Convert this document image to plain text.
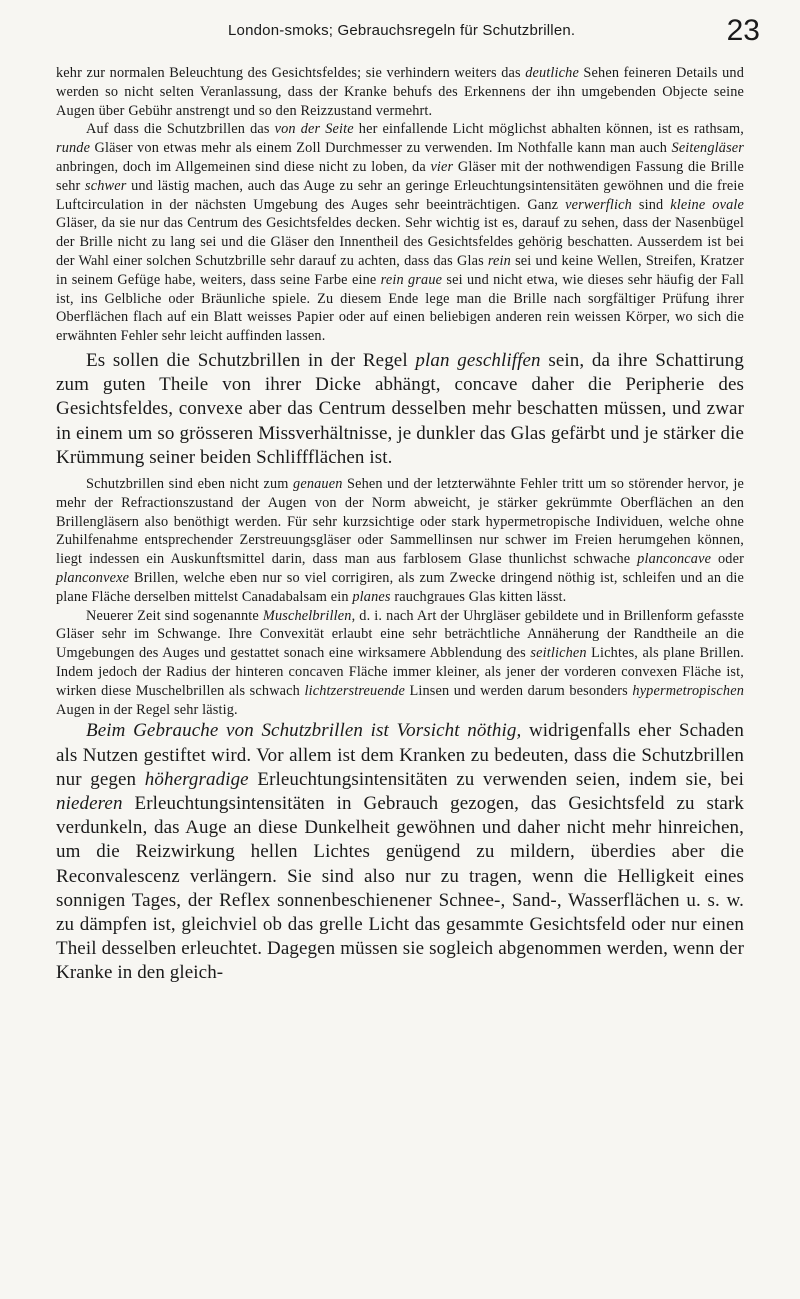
London-smoks; Gebrauchsregeln für Schutzbrillen.	23

kehr zur normalen Beleuchtung des Gesichtsfeldes; sie verhindern weiters das deutliche Sehen feineren Details und werden so nicht selten Veranlassung, dass der Kranke behufs des Erkennens der ihn umgebenden Objecte seine Augen über Gebühr anstrengt und so den Reizzustand vermehrt.

Auf dass die Schutzbrillen das von der Seite her einfallende Licht möglichst abhalten können, ist es rathsam, runde Gläser von etwas mehr als einem Zoll Durchmesser zu verwenden. Im Nothfalle kann man auch Seitengläser anbringen, doch im Allgemeinen sind diese nicht zu loben, da vier Gläser mit der nothwendigen Fassung die Brille sehr schwer und lästig machen, auch das Auge zu sehr an geringe Erleuchtungsintensitäten gewöhnen und die freie Luftcirculation in der nächsten Umgebung des Auges sehr beeinträchtigen. Ganz verwerflich sind kleine ovale Gläser, da sie nur das Centrum des Gesichtsfeldes decken. Sehr wichtig ist es, darauf zu sehen, dass der Nasenbügel der Brille nicht zu lang sei und die Gläser den Innentheil des Gesichtsfeldes gehörig beschatten. Ausserdem ist bei der Wahl einer solchen Schutzbrille sehr darauf zu achten, dass das Glas rein sei und keine Wellen, Streifen, Kratzer in seinem Gefüge habe, weiters, dass seine Farbe eine rein graue sei und nicht etwa, wie dieses sehr häufig der Fall ist, ins Gelbliche oder Bräunliche spiele. Zu diesem Ende lege man die Brille nach sorgfältiger Prüfung ihrer Oberflächen flach auf ein Blatt weisses Papier oder auf einen beliebigen anderen rein weissen Körper, wo sich die erwähnten Fehler sehr leicht auffinden lassen.

Es sollen die Schutzbrillen in der Regel plan geschliffen sein, da ihre Schattirung zum guten Theile von ihrer Dicke abhängt, concave daher die Peripherie des Gesichtsfeldes, convexe aber das Centrum desselben mehr beschatten müssen, und zwar in einem um so grösseren Missverhältnisse, je dunkler das Glas gefärbt und je stärker die Krümmung seiner beiden Schliffflächen ist.

Schutzbrillen sind eben nicht zum genauen Sehen und der letzterwähnte Fehler tritt um so störender hervor, je mehr der Refractionszustand der Augen von der Norm abweicht, je stärker gekrümmte Oberflächen an den Brillengläsern also benöthigt werden. Für sehr kurzsichtige oder stark hypermetropische Individuen, welche ohne Zuhilfenahme entsprechender Zerstreuungsgläser oder Sammellinsen nur schwer im Freien herumgehen können, liegt indessen ein Auskunftsmittel darin, dass man aus farblosem Glase thunlichst schwache planconcave oder planconvexe Brillen, welche eben nur so viel corrigiren, als zum Zwecke dringend nöthig ist, schleifen und an die plane Fläche derselben mittelst Canadabalsam ein planes rauchgraues Glas kitten lässt.

Neuerer Zeit sind sogenannte Muschelbrillen, d. i. nach Art der Uhrgläser gebildete und in Brillenform gefasste Gläser sehr im Schwange. Ihre Convexität erlaubt eine sehr beträchtliche Annäherung der Randtheile an die Umgebungen des Auges und gestattet sonach eine wirksamere Abblendung des seitlichen Lichtes, als plane Brillen. Indem jedoch der Radius der hinteren concaven Fläche immer kleiner, als jener der vorderen convexen Fläche ist, wirken diese Muschelbrillen als schwach lichtzerstreuende Linsen und werden darum besonders hypermetropischen Augen in der Regel sehr lästig.

Beim Gebrauche von Schutzbrillen ist Vorsicht nöthig, widrigenfalls eher Schaden als Nutzen gestiftet wird. Vor allem ist dem Kranken zu bedeuten, dass die Schutzbrillen nur gegen höhergradige Erleuchtungsintensitäten zu verwenden seien, indem sie, bei niederen Erleuchtungsintensitäten in Gebrauch gezogen, das Gesichtsfeld zu stark verdunkeln, das Auge an diese Dunkelheit gewöhnen und daher nicht mehr hinreichen, um die Reizwirkung hellen Lichtes genügend zu mildern, überdies aber die Reconvalescenz verlängern. Sie sind also nur zu tragen, wenn die Helligkeit eines sonnigen Tages, der Reflex sonnenbeschienener Schnee-, Sand-, Wasserflächen u. s. w. zu dämpfen ist, gleichviel ob das grelle Licht das gesammte Gesichtsfeld oder nur einen Theil desselben erleuchtet. Dagegen müssen sie sogleich abgenommen werden, wenn der Kranke in den gleich-
